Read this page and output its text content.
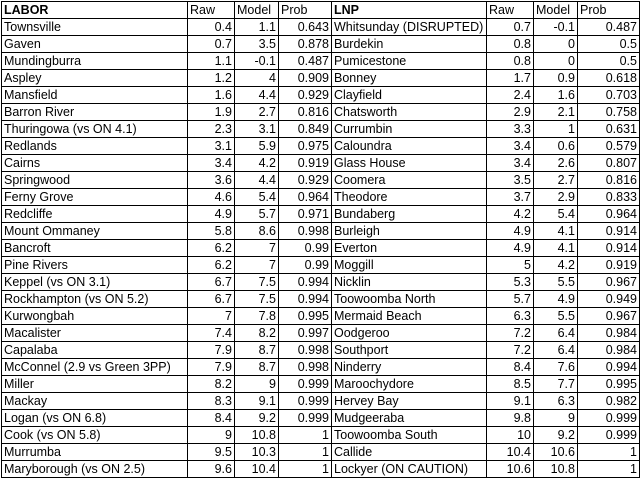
LABOR	Raw	Model	Prob	LNP	Raw	Model	Prob
Townsville	0.4	1.1	0.643	Whitsunday (DISRUPTED)	0.7	-0.1	0.487
Gaven	0.7	3.5	0.878	Burdekin	0.8	0	0.5
Mundingburra	1.1	-0.1	0.487	Pumicestone	0.8	0	0.5
Aspley	1.2	4	0.909	Bonney	1.7	0.9	0.618
Mansfield	1.6	4.4	0.929	Clayfield	2.4	1.6	0.703
Barron River	1.9	2.7	0.816	Chatsworth	2.9	2.1	0.758
Thuringowa (vs ON 4.1)	2.3	3.1	0.849	Currumbin	3.3	1	0.631
Redlands	3.1	5.9	0.975	Caloundra	3.4	0.6	0.579
Cairns	3.4	4.2	0.919	Glass House	3.4	2.6	0.807
Springwood	3.6	4.4	0.929	Coomera	3.5	2.7	0.816
Ferny Grove	4.6	5.4	0.964	Theodore	3.7	2.9	0.833
Redcliffe	4.9	5.7	0.971	Bundaberg	4.2	5.4	0.964
Mount Ommaney	5.8	8.6	0.998	Burleigh	4.9	4.1	0.914
Bancroft	6.2	7	0.99	Everton	4.9	4.1	0.914
Pine Rivers	6.2	7	0.99	Moggill	5	4.2	0.919
Keppel (vs ON 3.1)	6.7	7.5	0.994	Nicklin	5.3	5.5	0.967
Rockhampton (vs ON 5.2)	6.7	7.5	0.994	Toowoomba North	5.7	4.9	0.949
Kurwongbah	7	7.8	0.995	Mermaid Beach	6.3	5.5	0.967
Macalister	7.4	8.2	0.997	Oodgeroo	7.2	6.4	0.984
Capalaba	7.9	8.7	0.998	Southport	7.2	6.4	0.984
McConnel (2.9 vs Green 3PP)	7.9	8.7	0.998	Ninderry	8.4	7.6	0.994
Miller	8.2	9	0.999	Maroochydore	8.5	7.7	0.995
Mackay	8.3	9.1	0.999	Hervey Bay	9.1	6.3	0.982
Logan (vs ON 6.8)	8.4	9.2	0.999	Mudgeeraba	9.8	9	0.999
Cook (vs ON 5.8)	9	10.8	1	Toowoomba South	10	9.2	0.999
Murrumba	9.5	10.3	1	Callide	10.4	10.6	1
Maryborough (vs ON 2.5)	9.6	10.4	1	Lockyer (ON CAUTION)	10.6	10.8	1
